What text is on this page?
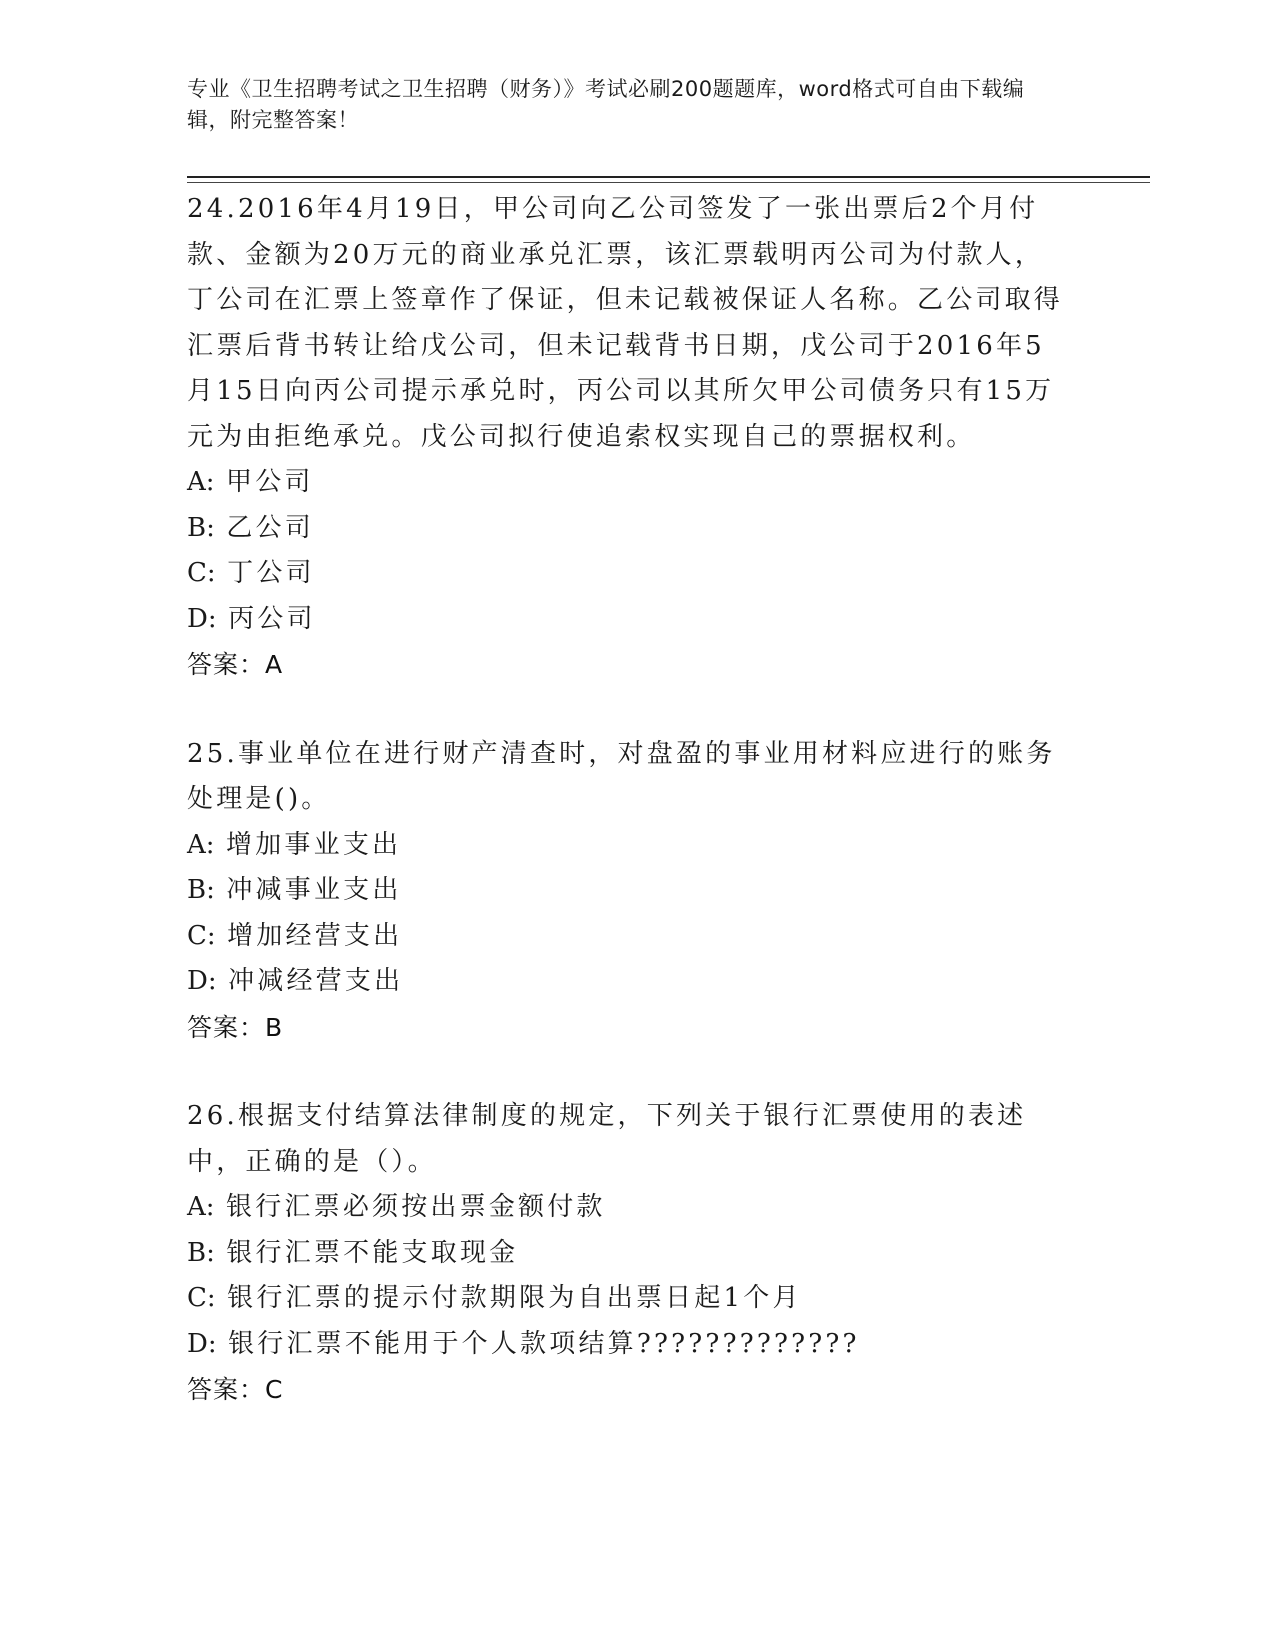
专业《卫生招聘考试之卫生招聘（财务）》考试必刷200题题库，word格式可自由下载编辑，附完整答案！

24.2016年4月19日，甲公司向乙公司签发了一张出票后2个月付款、金额为20万元的商业承兑汇票，该汇票载明丙公司为付款人，丁公司在汇票上签章作了保证，但未记载被保证人名称。乙公司取得汇票后背书转让给戊公司，但未记载背书日期，戊公司于2016年5月15日向丙公司提示承兑时，丙公司以其所欠甲公司债务只有15万元为由拒绝承兑。戊公司拟行使追索权实现自己的票据权利。

A: 甲公司

B: 乙公司

C: 丁公司

D: 丙公司

答案：A

25.事业单位在进行财产清查时，对盘盈的事业用材料应进行的账务处理是()。

A: 增加事业支出

B: 冲减事业支出

C: 增加经营支出

D: 冲减经营支出

答案：B

26.根据支付结算法律制度的规定，下列关于银行汇票使用的表述中，正确的是（）。

A: 银行汇票必须按出票金额付款

B: 银行汇票不能支取现金

C: 银行汇票的提示付款期限为自出票日起1个月

D: 银行汇票不能用于个人款项结算?????????????

答案：C
